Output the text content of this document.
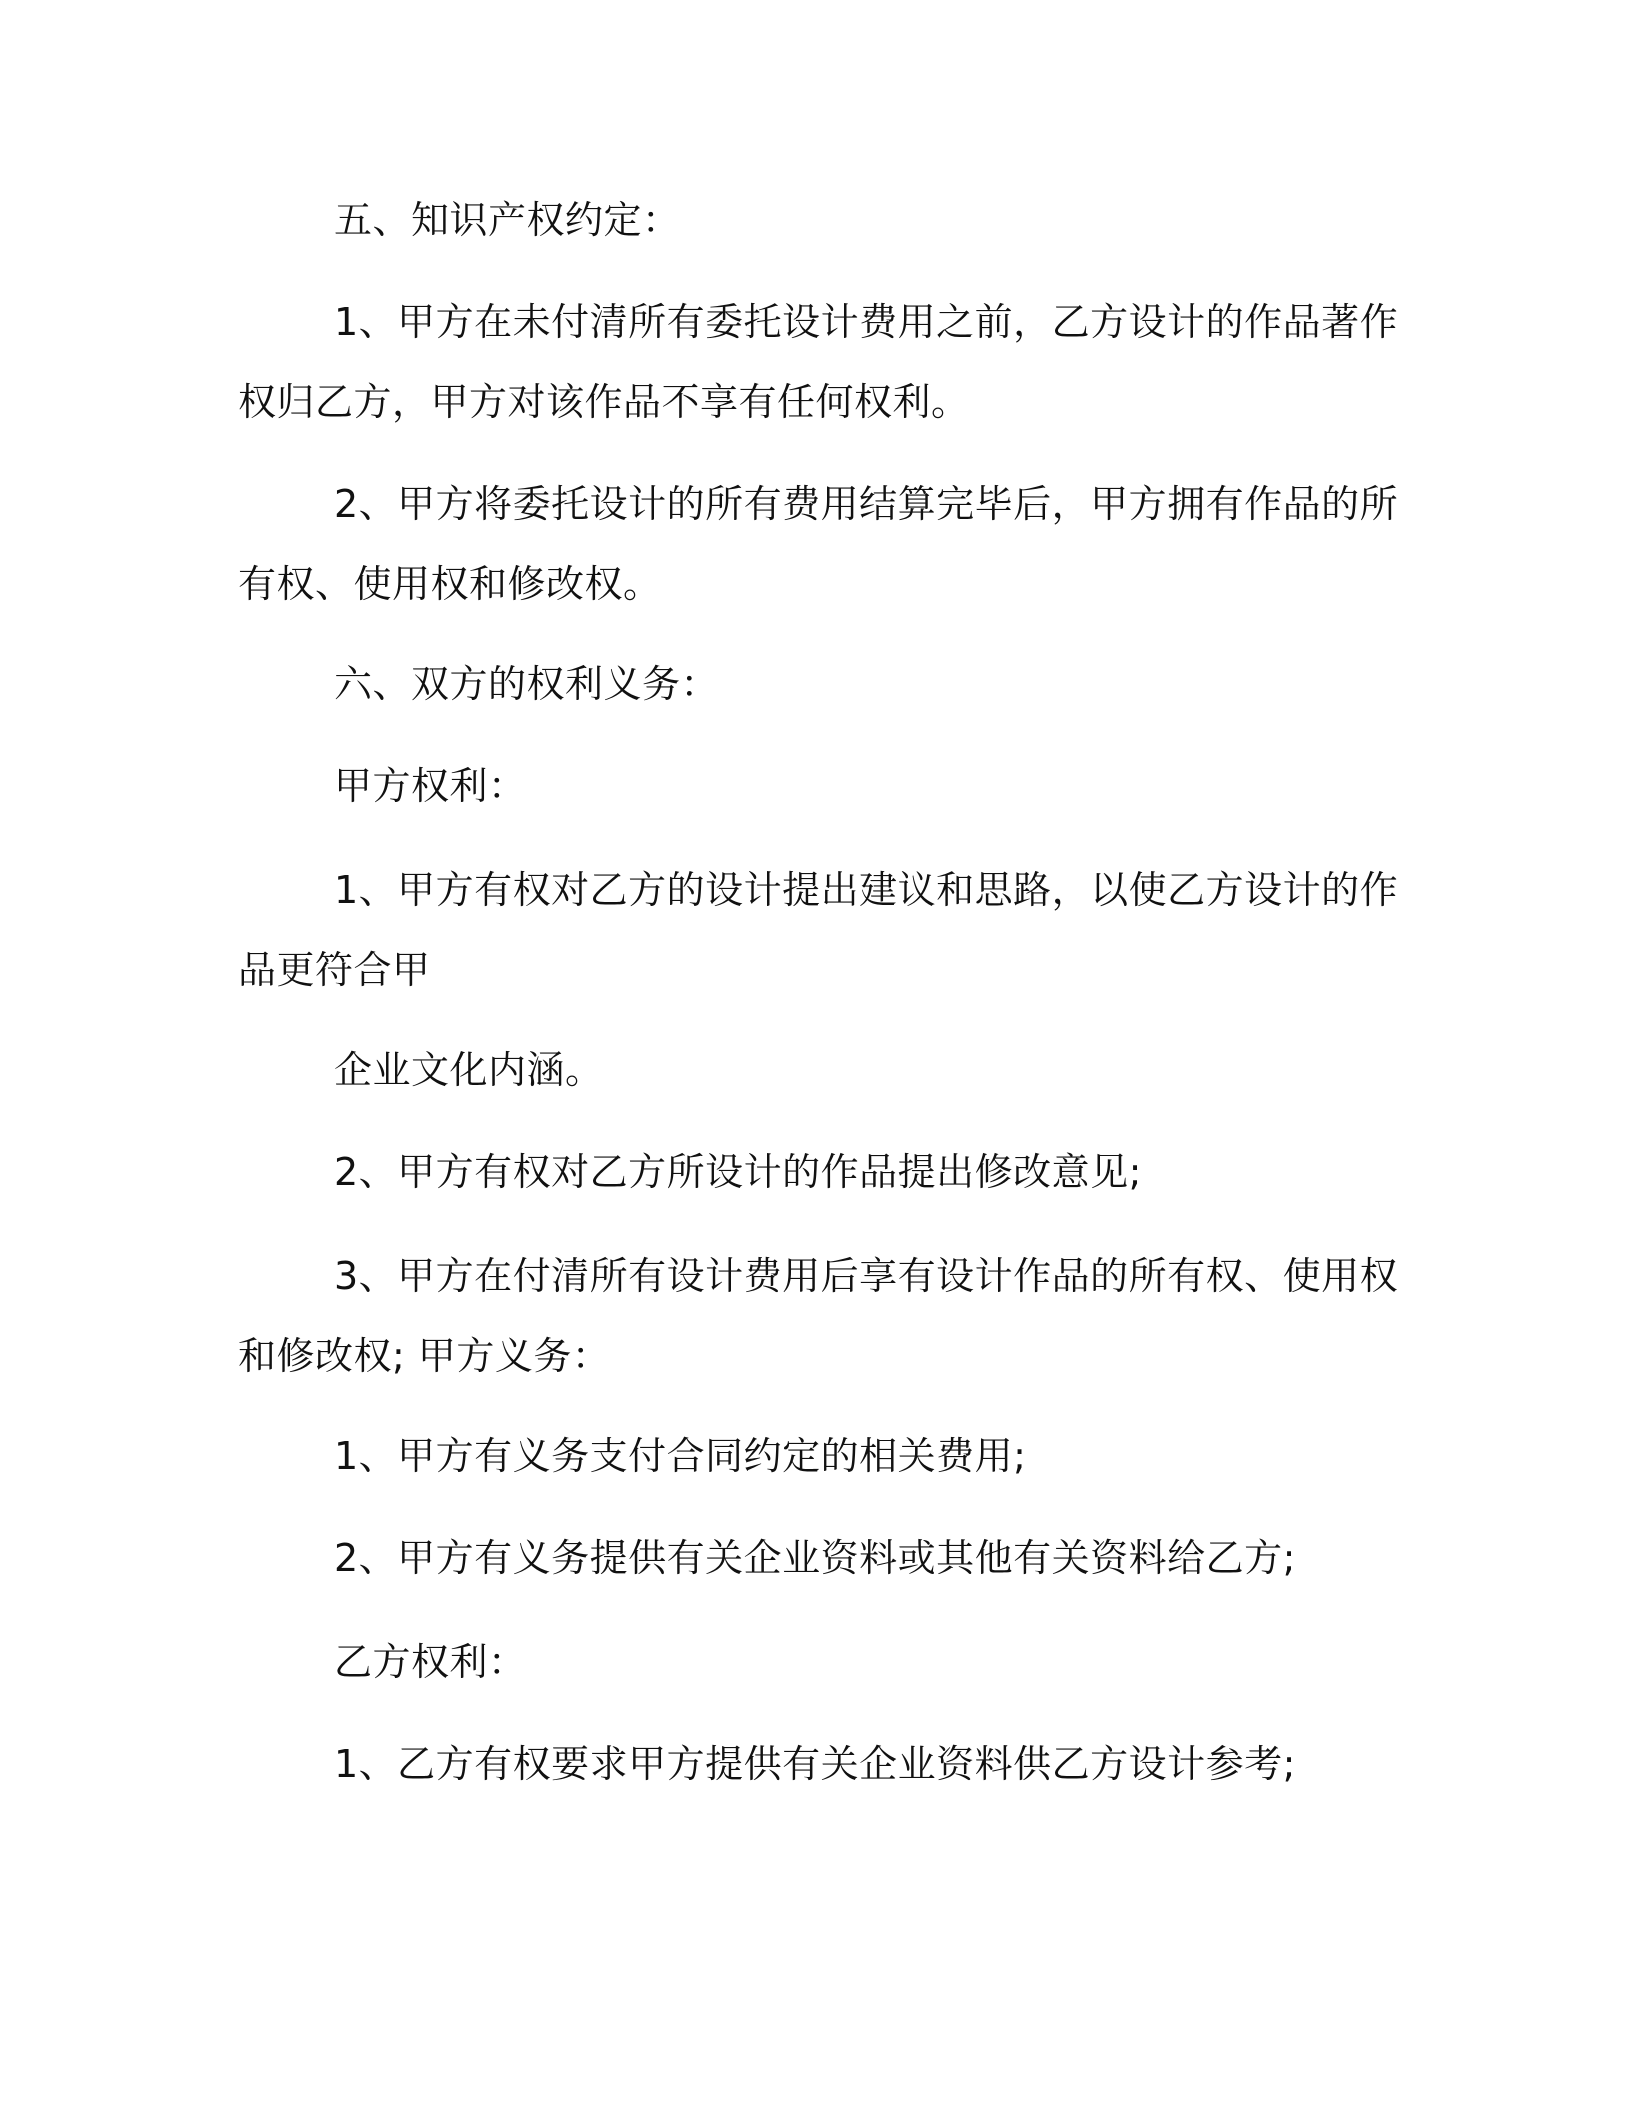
五、知识产权约定：
1、甲方在未付清所有委托设计费用之前，乙方设计的作品著作
权归乙方，甲方对该作品不享有任何权利。
2、甲方将委托设计的所有费用结算完毕后，甲方拥有作品的所
有权、使用权和修改权。
六、双方的权利义务：
甲方权利：
1、甲方有权对乙方的设计提出建议和思路，以使乙方设计的作
品更符合甲
企业文化内涵。
2、甲方有权对乙方所设计的作品提出修改意见;
3、甲方在付清所有设计费用后享有设计作品的所有权、使用权
和修改权; 甲方义务：
1、甲方有义务支付合同约定的相关费用;
2、甲方有义务提供有关企业资料或其他有关资料给乙方;
乙方权利：
1、乙方有权要求甲方提供有关企业资料供乙方设计参考;
